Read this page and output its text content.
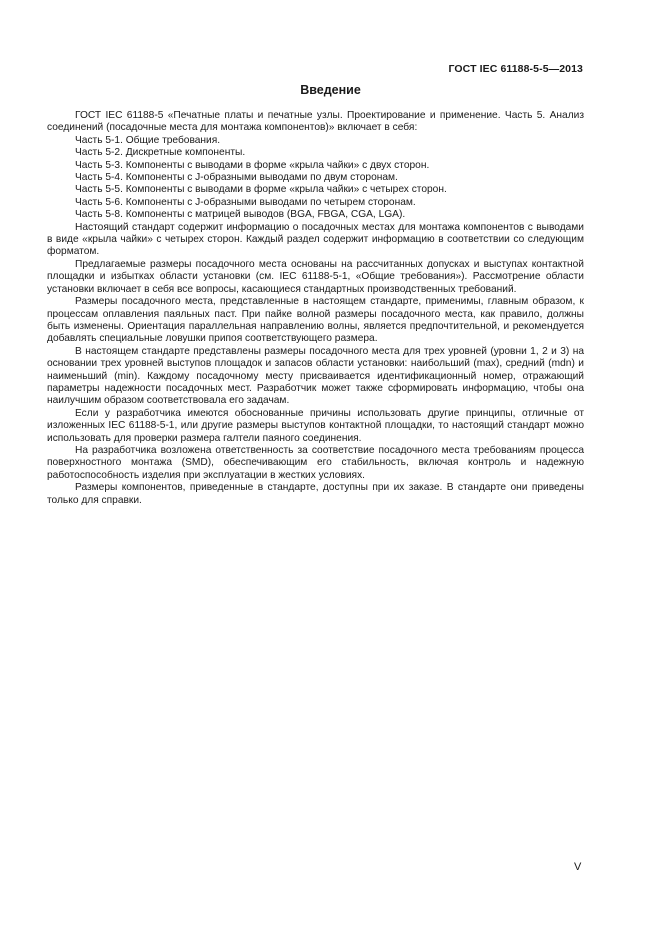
ГОСТ IEC 61188-5-5—2013
Введение

ГОСТ IEC 61188-5 «Печатные платы и печатные узлы. Проектирование и применение. Часть 5. Анализ соединений (посадочные места для монтажа компонентов)» включает в себя:

Часть 5-1. Общие требования.

Часть 5-2. Дискретные компоненты.

Часть 5-3. Компоненты с выводами в форме «крыла чайки» с двух сторон.

Часть 5-4. Компоненты с J-образными выводами по двум сторонам.

Часть 5-5. Компоненты с выводами в форме «крыла чайки» с четырех сторон.

Часть 5-6. Компоненты с J-образными выводами по четырем сторонам.

Часть 5-8. Компоненты с матрицей выводов (BGA, FBGA, CGA, LGA).

Настоящий стандарт содержит информацию о посадочных местах для монтажа компонентов с выводами в виде «крыла чайки» с четырех сторон. Каждый раздел содержит информацию в соответствии со следующим форматом.

Предлагаемые размеры посадочного места основаны на рассчитанных допусках и выступах контактной площадки и избытках области установки (см. IEC 61188-5-1, «Общие требования»). Рассмотрение области установки включает в себя все вопросы, касающиеся стандартных производственных требований.

Размеры посадочного места, представленные в настоящем стандарте, применимы, главным образом, к процессам оплавления паяльных паст. При пайке волной размеры посадочного места, как правило, должны быть изменены. Ориентация параллельная направлению волны, является предпочтительной, и рекомендуется добавлять специальные ловушки припоя соответствующего размера.

В настоящем стандарте представлены размеры посадочного места для трех уровней (уровни 1, 2 и 3) на основании трех уровней выступов площадок и запасов области установки: наибольший (max), средний (mdn) и наименьший (min). Каждому посадочному месту присваивается идентификационный номер, отражающий параметры надежности посадочных мест. Разработчик может также сформировать информацию, чтобы она наилучшим образом соответствовала его задачам.

Если у разработчика имеются обоснованные причины использовать другие принципы, отличные от изложенных IEC 61188-5-1, или другие размеры выступов контактной площадки, то настоящий стандарт можно использовать для проверки размера галтели паяного соединения.

На разработчика возложена ответственность за соответствие посадочного места требованиям процесса поверхностного монтажа (SMD), обеспечивающим его стабильность, включая контроль и надежную работоспособность изделия при эксплуатации в жестких условиях.

Размеры компонентов, приведенные в стандарте, доступны при их заказе. В стандарте они приведены только для справки.

V
